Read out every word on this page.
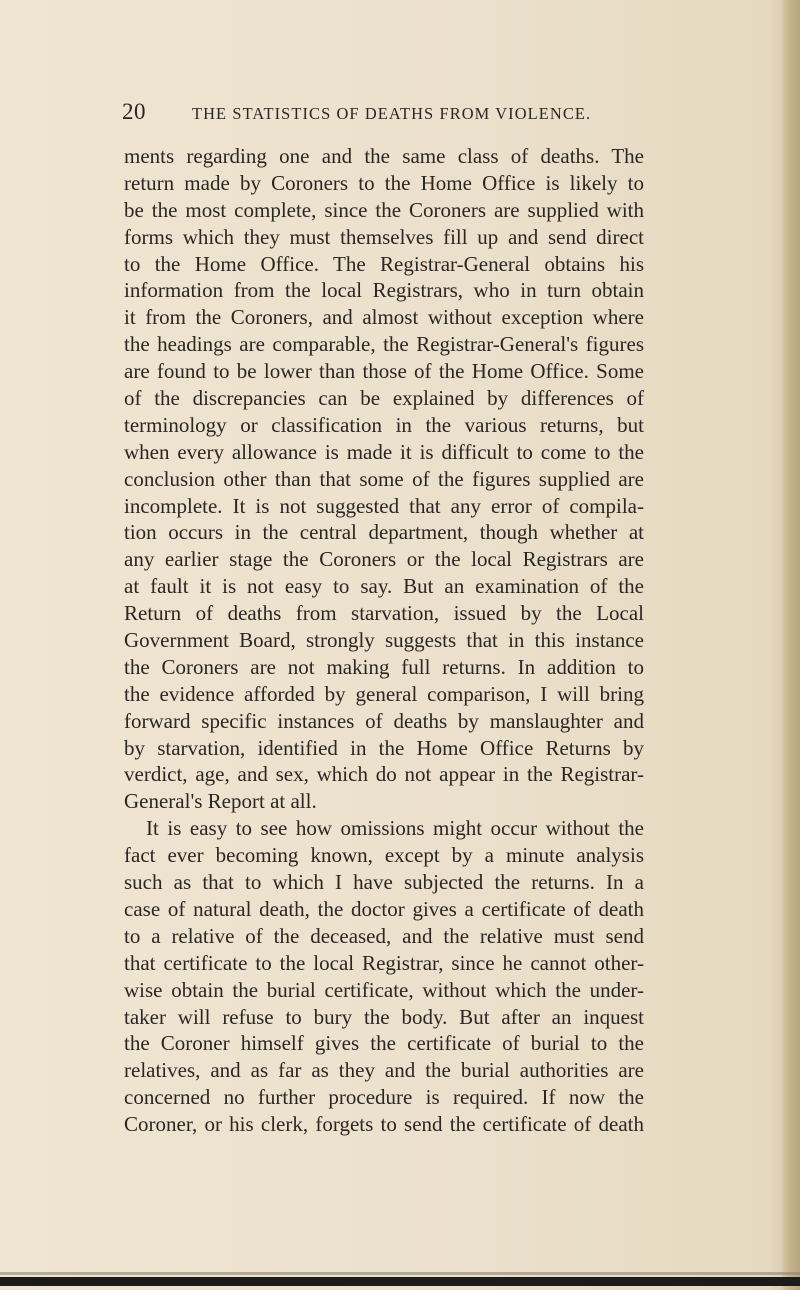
20	THE STATISTICS OF DEATHS FROM VIOLENCE.
ments regarding one and the same class of deaths. The
return made by Coroners to the Home Office is likely to
be the most complete, since the Coroners are supplied with
forms which they must themselves fill up and send direct
to the Home Office. The Registrar-General obtains his
information from the local Registrars, who in turn obtain
it from the Coroners, and almost without exception where
the headings are comparable, the Registrar-General's figures
are found to be lower than those of the Home Office. Some
of the discrepancies can be explained by differences of
terminology or classification in the various returns, but
when every allowance is made it is difficult to come to the
conclusion other than that some of the figures supplied are
incomplete. It is not suggested that any error of compila-
tion occurs in the central department, though whether at
any earlier stage the Coroners or the local Registrars are
at fault it is not easy to say. But an examination of the
Return of deaths from starvation, issued by the Local
Government Board, strongly suggests that in this instance
the Coroners are not making full returns. In addition to
the evidence afforded by general comparison, I will bring
forward specific instances of deaths by manslaughter and
by starvation, identified in the Home Office Returns by
verdict, age, and sex, which do not appear in the Registrar-
General's Report at all.
It is easy to see how omissions might occur without the
fact ever becoming known, except by a minute analysis
such as that to which I have subjected the returns. In a
case of natural death, the doctor gives a certificate of death
to a relative of the deceased, and the relative must send
that certificate to the local Registrar, since he cannot other-
wise obtain the burial certificate, without which the under-
taker will refuse to bury the body. But after an inquest
the Coroner himself gives the certificate of burial to the
relatives, and as far as they and the burial authorities are
concerned no further procedure is required. If now the
Coroner, or his clerk, forgets to send the certificate of death
